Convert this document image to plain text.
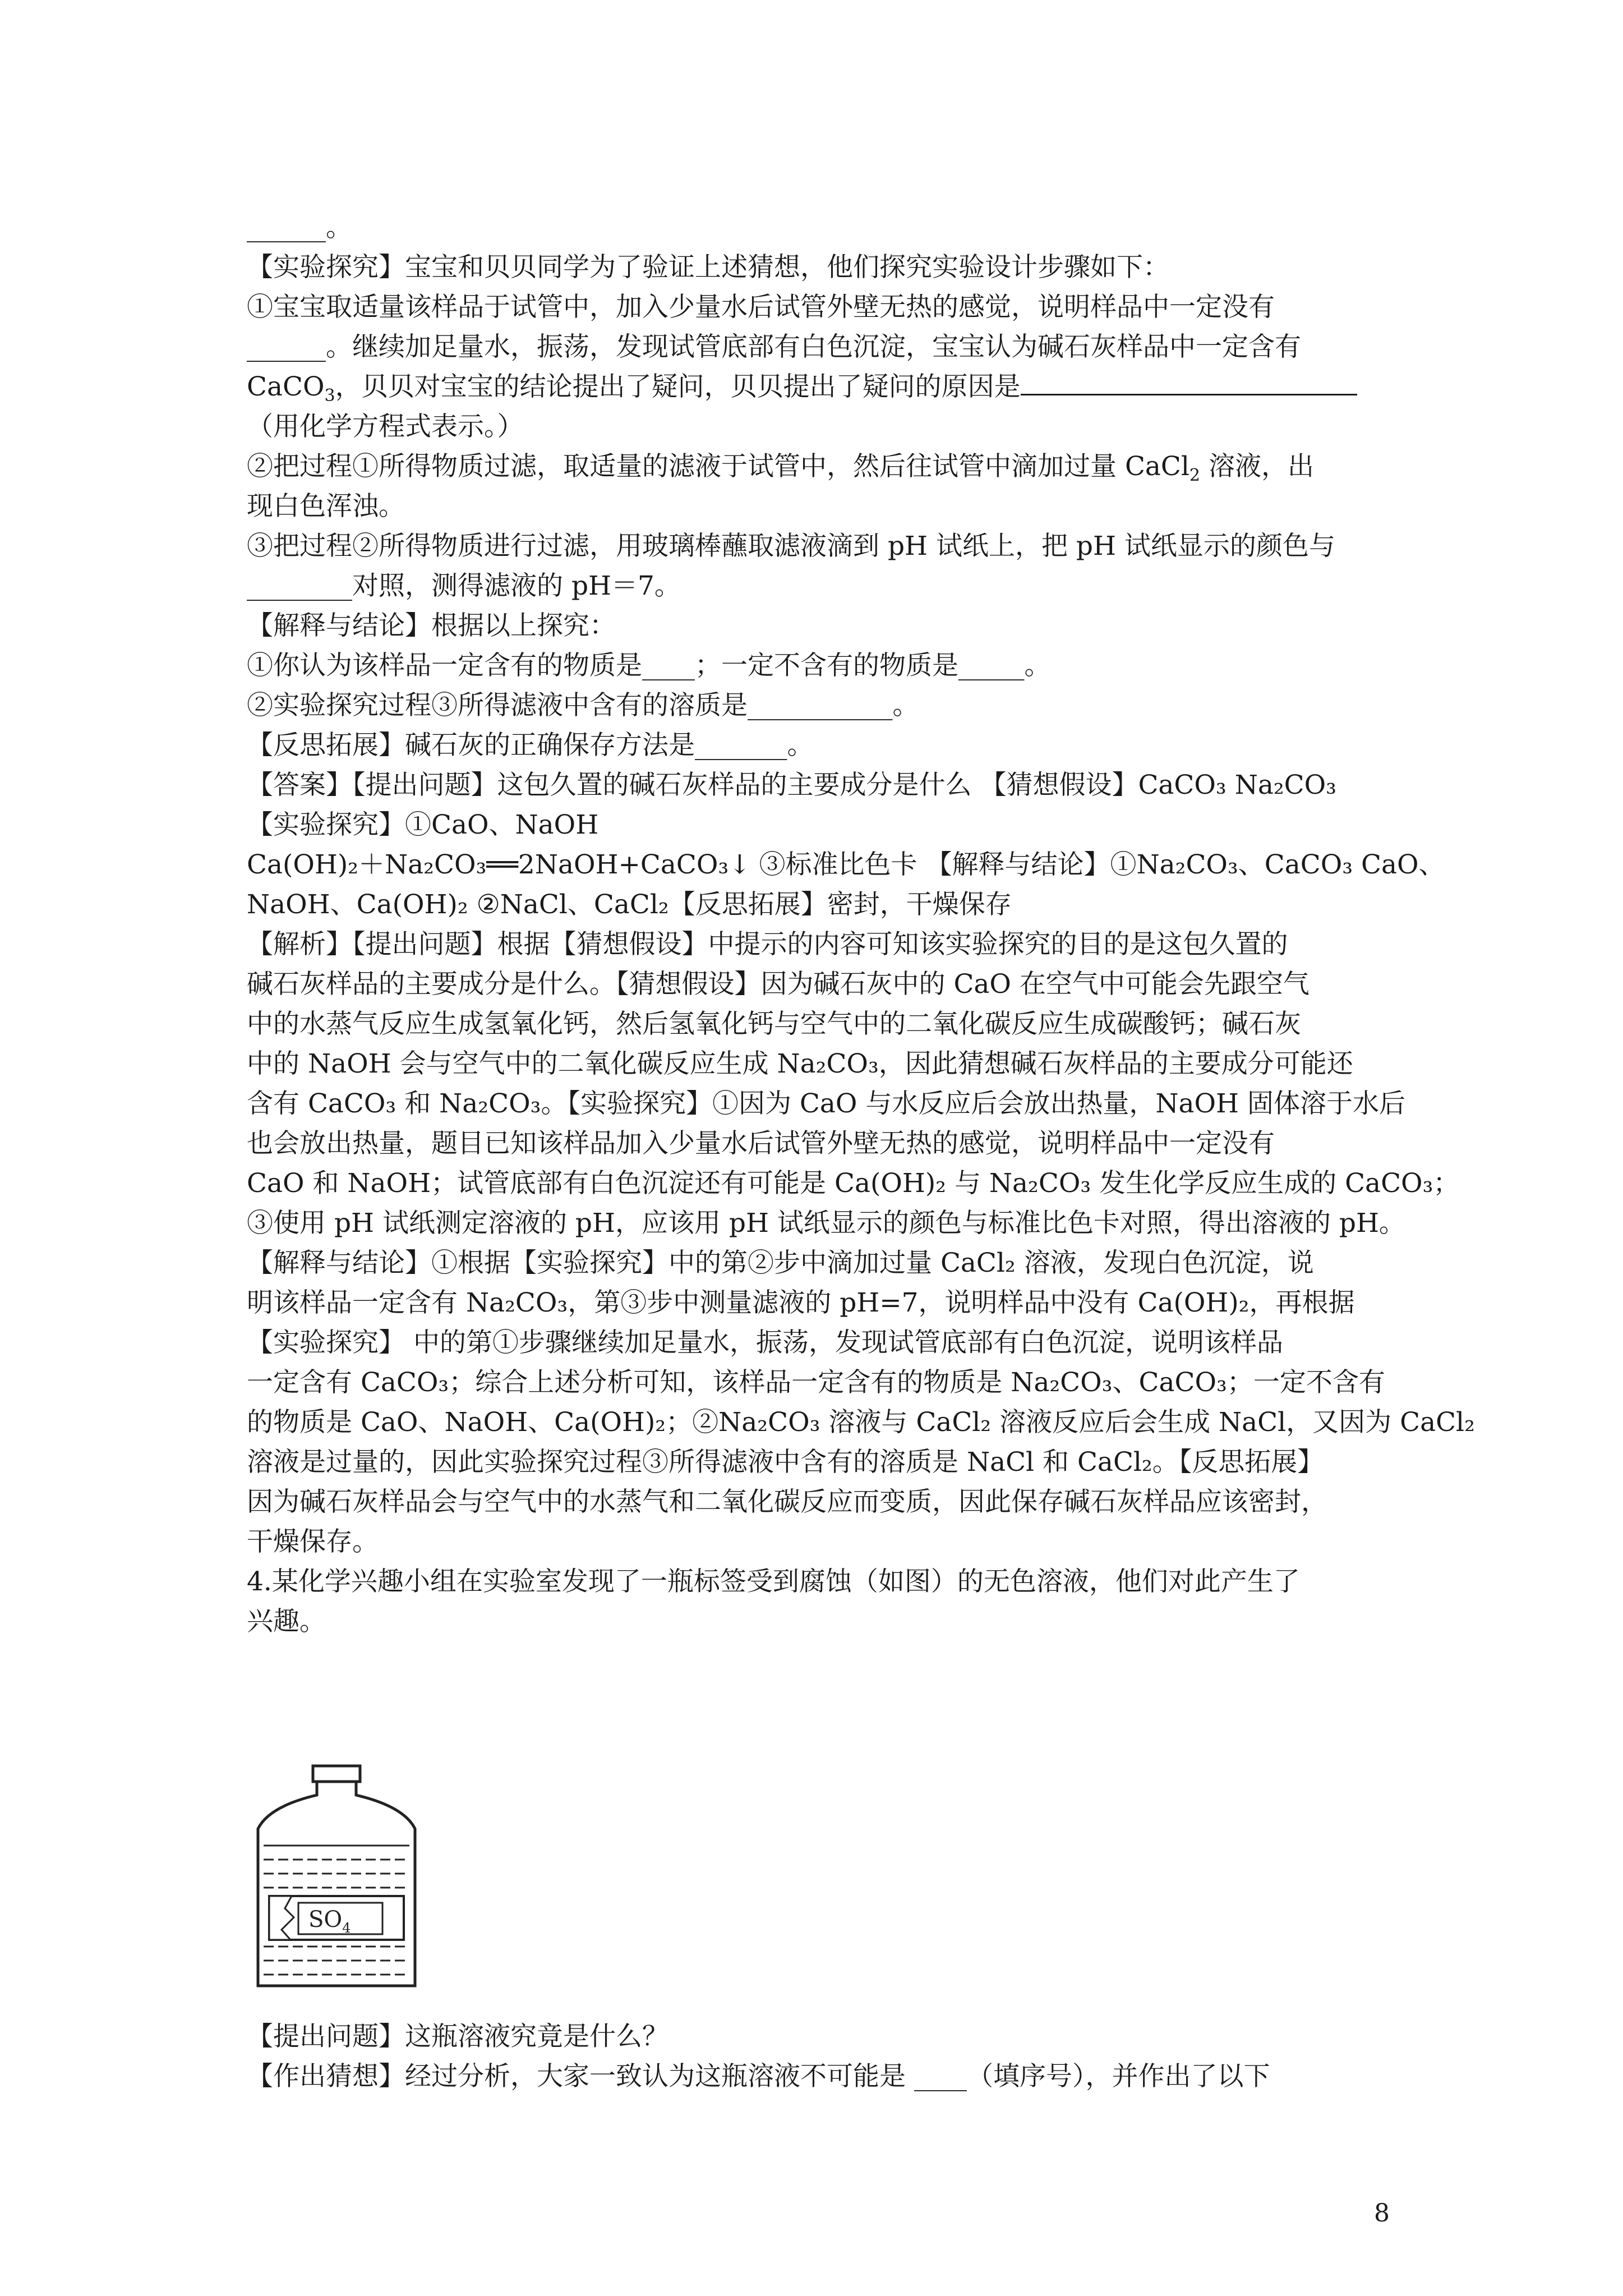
______。
【实验探究】宝宝和贝贝同学为了验证上述猜想，他们探究实验设计步骤如下：
①宝宝取适量该样品于试管中，加入少量水后试管外壁无热的感觉，说明样品中一定没有
______。继续加足量水，振荡，发现试管底部有白色沉淀，宝宝认为碱石灰样品中一定含有
CaCO$_3$，贝贝对宝宝的结论提出了疑问，贝贝提出了疑问的原因是
（用化学方程式表示。）
②把过程①所得物质过滤，取适量的滤液于试管中，然后往试管中滴加过量 CaCl$_2$ 溶液，出
现白色浑浊。
③把过程②所得物质进行过滤，用玻璃棒蘸取滤液滴到 pH 试纸上，把 pH 试纸显示的颜色与
________对照，测得滤液的 pH＝7。
【解释与结论】根据以上探究：
①你认为该样品一定含有的物质是____；一定不含有的物质是_____。
②实验探究过程③所得滤液中含有的溶质是___________。
【反思拓展】碱石灰的正确保存方法是_______。
【答案】【提出问题】这包久置的碱石灰样品的主要成分是什么 【猜想假设】CaCO₃ Na₂CO₃
【实验探究】①CaO、NaOH
Ca(OH)₂＋Na₂CO₃══2NaOH+CaCO₃↓ ③标准比色卡 【解释与结论】①Na₂CO₃、CaCO₃ CaO、
NaOH、Ca(OH)₂ ②NaCl、CaCl₂【反思拓展】密封，干燥保存
【解析】【提出问题】根据【猜想假设】中提示的内容可知该实验探究的目的是这包久置的
碱石灰样品的主要成分是什么。【猜想假设】因为碱石灰中的 CaO 在空气中可能会先跟空气
中的水蒸气反应生成氢氧化钙，然后氢氧化钙与空气中的二氧化碳反应生成碳酸钙；碱石灰
中的 NaOH 会与空气中的二氧化碳反应生成 Na₂CO₃，因此猜想碱石灰样品的主要成分可能还
含有 CaCO₃ 和 Na₂CO₃。【实验探究】①因为 CaO 与水反应后会放出热量，NaOH 固体溶于水后
也会放出热量，题目已知该样品加入少量水后试管外壁无热的感觉，说明样品中一定没有
CaO 和 NaOH；试管底部有白色沉淀还有可能是 Ca(OH)₂ 与 Na₂CO₃ 发生化学反应生成的 CaCO₃；
③使用 pH 试纸测定溶液的 pH，应该用 pH 试纸显示的颜色与标准比色卡对照，得出溶液的 pH。
【解释与结论】①根据【实验探究】中的第②步中滴加过量 CaCl₂ 溶液，发现白色沉淀，说
明该样品一定含有 Na₂CO₃，第③步中测量滤液的 pH=7，说明样品中没有 Ca(OH)₂，再根据
【实验探究】 中的第①步骤继续加足量水，振荡，发现试管底部有白色沉淀，说明该样品
一定含有 CaCO₃；综合上述分析可知，该样品一定含有的物质是 Na₂CO₃、CaCO₃；一定不含有
的物质是 CaO、NaOH、Ca(OH)₂；②Na₂CO₃ 溶液与 CaCl₂ 溶液反应后会生成 NaCl，又因为 CaCl₂
溶液是过量的，因此实验探究过程③所得滤液中含有的溶质是 NaCl 和 CaCl₂。【反思拓展】
因为碱石灰样品会与空气中的水蒸气和二氧化碳反应而变质，因此保存碱石灰样品应该密封，
干燥保存。
4.某化学兴趣小组在实验室发现了一瓶标签受到腐蚀（如图）的无色溶液，他们对此产生了
兴趣。
$SO_4$
【提出问题】这瓶溶液究竟是什么？
【作出猜想】经过分析，大家一致认为这瓶溶液不可能是 ____（填序号），并作出了以下
8
